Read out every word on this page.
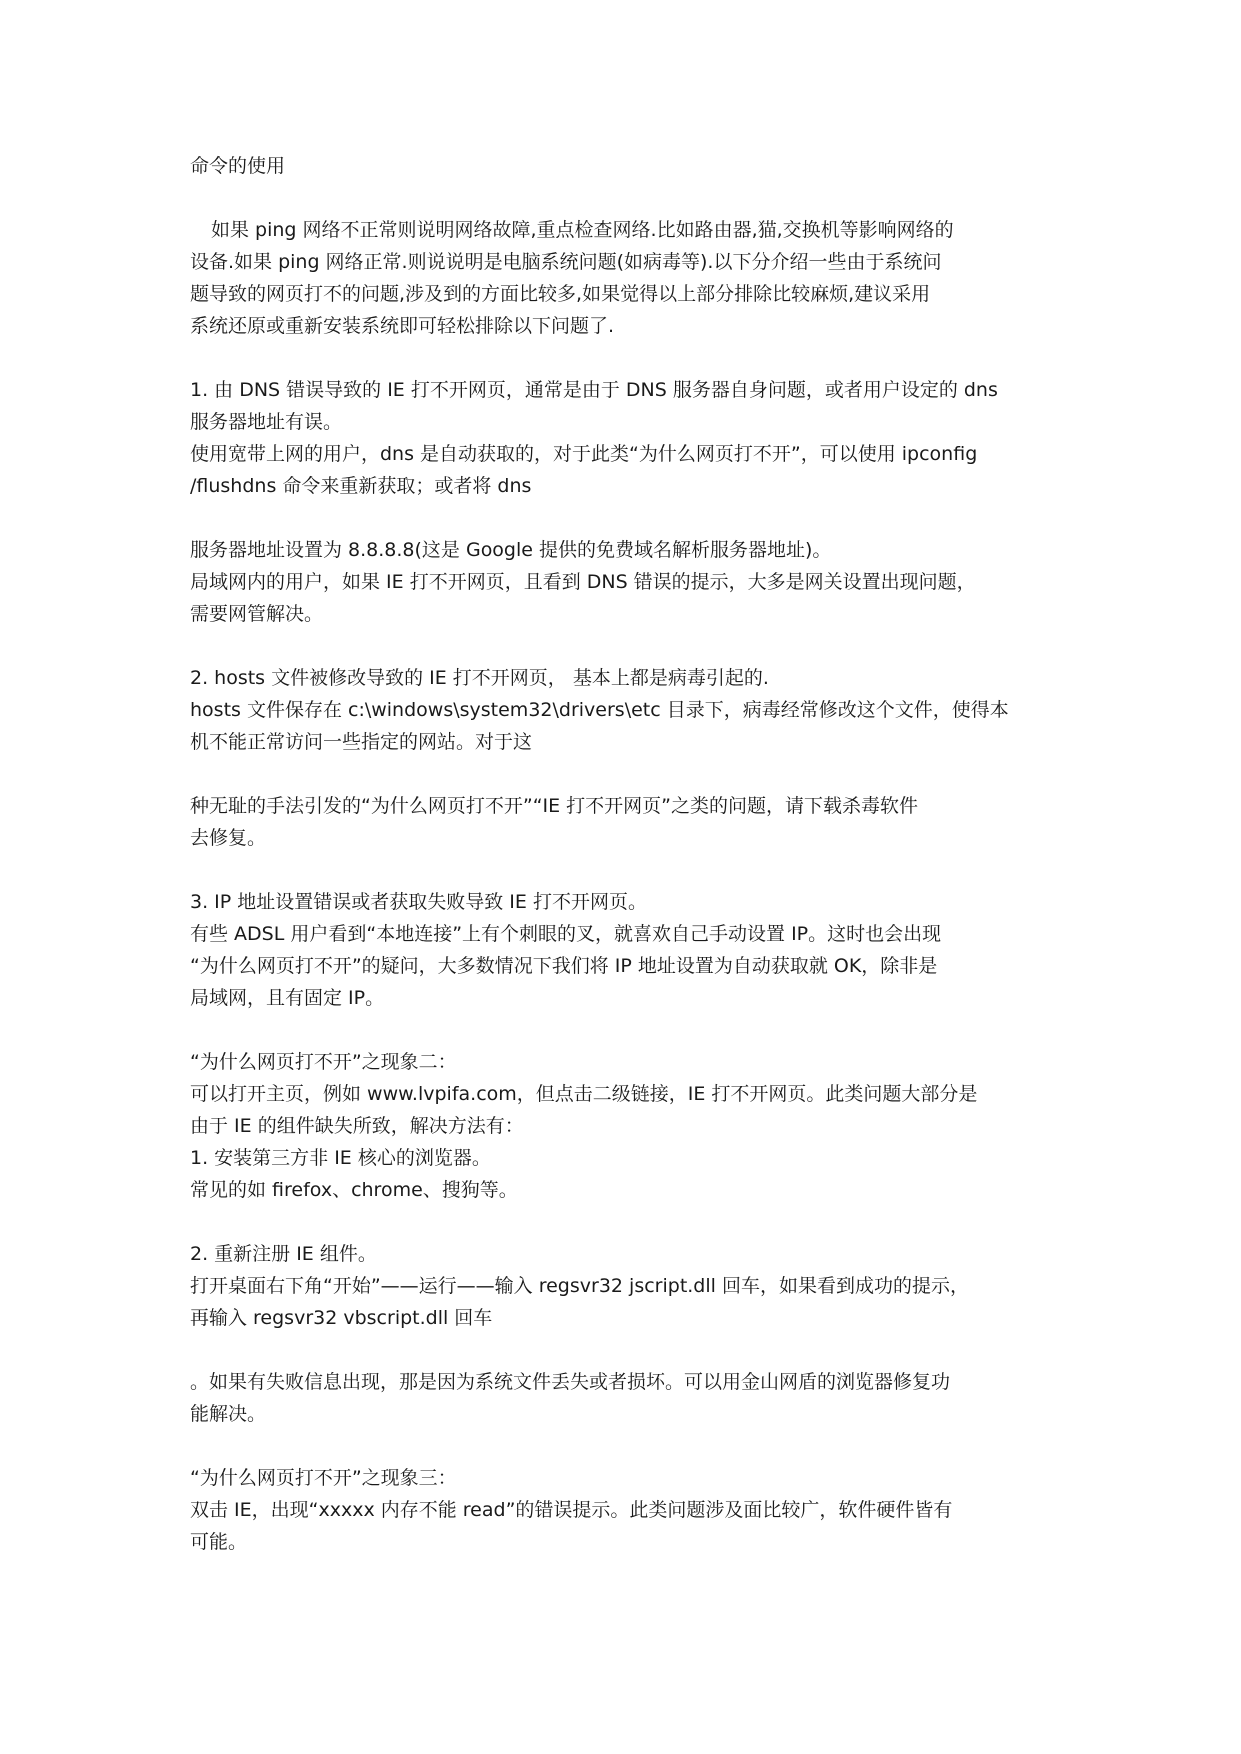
命令的使用
如果 ping 网络不正常则说明网络故障,重点检查网络.比如路由器,猫,交换机等影响网络的
设备.如果 ping 网络正常.则说说明是电脑系统问题(如病毒等).以下分介绍一些由于系统问
题导致的网页打不的问题,涉及到的方面比较多,如果觉得以上部分排除比较麻烦,建议采用
系统还原或重新安装系统即可轻松排除以下问题了.
1. 由 DNS 错误导致的 IE 打不开网页，通常是由于 DNS 服务器自身问题，或者用户设定的 dns
服务器地址有误。
使用宽带上网的用户，dns 是自动获取的，对于此类“为什么网页打不开”，可以使用 ipconfig
/flushdns 命令来重新获取；或者将 dns
服务器地址设置为 8.8.8.8(这是 Google 提供的免费域名解析服务器地址)。
局域网内的用户，如果 IE 打不开网页，且看到 DNS 错误的提示，大多是网关设置出现问题，
需要网管解决。
2. hosts 文件被修改导致的 IE 打不开网页， 基本上都是病毒引起的.
hosts 文件保存在 c:\windows\system32\drivers\etc 目录下，病毒经常修改这个文件，使得本
机不能正常访问一些指定的网站。对于这
种无耻的手法引发的“为什么网页打不开”“IE 打不开网页”之类的问题，请下载杀毒软件
去修复。
3. IP 地址设置错误或者获取失败导致 IE 打不开网页。
有些 ADSL 用户看到“本地连接”上有个刺眼的叉，就喜欢自己手动设置 IP。这时也会出现
“为什么网页打不开”的疑问，大多数情况下我们将 IP 地址设置为自动获取就 OK，除非是
局域网，且有固定 IP。
“为什么网页打不开”之现象二：
可以打开主页，例如 www.lvpifa.com，但点击二级链接，IE 打不开网页。此类问题大部分是
由于 IE 的组件缺失所致，解决方法有：
1. 安装第三方非 IE 核心的浏览器。
常见的如 firefox、chrome、搜狗等。
2. 重新注册 IE 组件。
打开桌面右下角“开始”——运行——输入 regsvr32 jscript.dll 回车，如果看到成功的提示，
再输入 regsvr32 vbscript.dll 回车
。如果有失败信息出现，那是因为系统文件丢失或者损坏。可以用金山网盾的浏览器修复功
能解决。
“为什么网页打不开”之现象三：
双击 IE，出现“xxxxx 内存不能 read”的错误提示。此类问题涉及面比较广，软件硬件皆有
可能。
